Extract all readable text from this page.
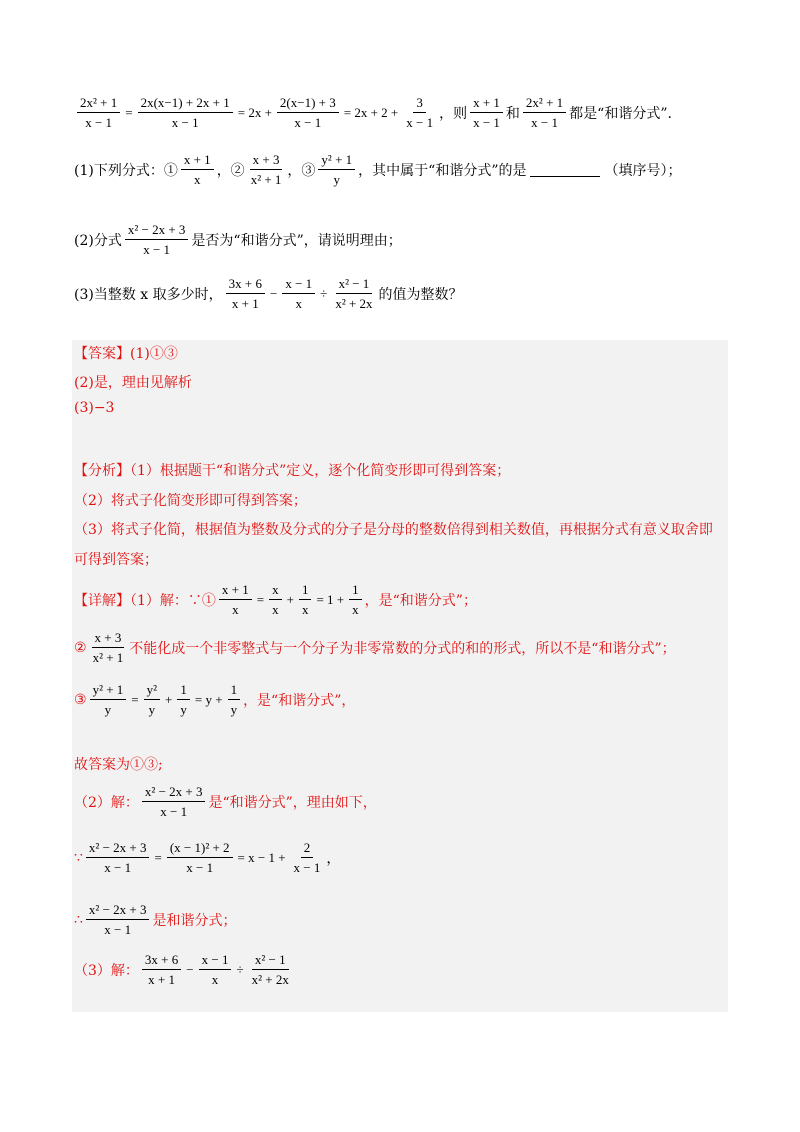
$\frac{\text{2x² + 1}}{x - 1} = \frac{2x(x-1) + 2x + 1}{x - 1} = 2x + \frac{2(x-1) + 3}{x - 1} = 2x + 2 + \frac{3}{x - 1}$ ，则 $\frac{x + 1}{x - 1}$ 和 $\frac{\text{2x² + 1}}{x - 1}$ 都是“和谐分式”.
(1)下列分式：① $\frac{x + 1}{x}$ ，② $\frac{x + 3}{\text{x² + 1}}$ ，③ $\frac{\text{y² + 1}}{y}$ ，其中属于“和谐分式”的是	（填序号）；
(2)分式 $\frac{\text{x² − 2x + 3}}{x - 1}$ 是否为“和谐分式”，请说明理由；
(3)当整数 x 取多少时， $\frac{3x + 6}{x + 1} - \frac{x - 1}{x} \div \frac{\text{x² − 1}}{\text{x² + 2x}}$ 的值为整数？
【答案】(1)①③
(2)是，理由见解析
(3)−3
【分析】（1）根据题干“和谐分式”定义，逐个化简变形即可得到答案；
（2）将式子化简变形即可得到答案；
（3）将式子化简，根据值为整数及分式的分子是分母的整数倍得到相关数值，再根据分式有意义取舍即
可得到答案；
【详解】（1）解：∵① $\frac{x + 1}{x} = \frac{x}{x} + \frac{1}{x} = 1 + \frac{1}{x}$ ，是“和谐分式”；
② $\frac{x + 3}{\text{x² + 1}}$ 不能化成一个非零整式与一个分子为非零常数的分式的和的形式，所以不是“和谐分式”；
③ $\frac{\text{y² + 1}}{y} = \frac{\text{y²}}{y} + \frac{1}{y} = y + \frac{1}{y}$ ，是“和谐分式”，
故答案为①③;
（2）解： $\frac{\text{x² − 2x + 3}}{x - 1}$ 是“和谐分式”，理由如下，
∵ $\frac{\text{x² − 2x + 3}}{x - 1} = \frac{\text{(x − 1)² + 2}}{x - 1} = x - 1 + \frac{2}{x - 1}$ ，
∴ $\frac{\text{x² − 2x + 3}}{x - 1}$ 是和谐分式；
（3）解： $\frac{3x + 6}{x + 1} - \frac{x - 1}{x} \div \frac{\text{x² − 1}}{\text{x² + 2x}}$
